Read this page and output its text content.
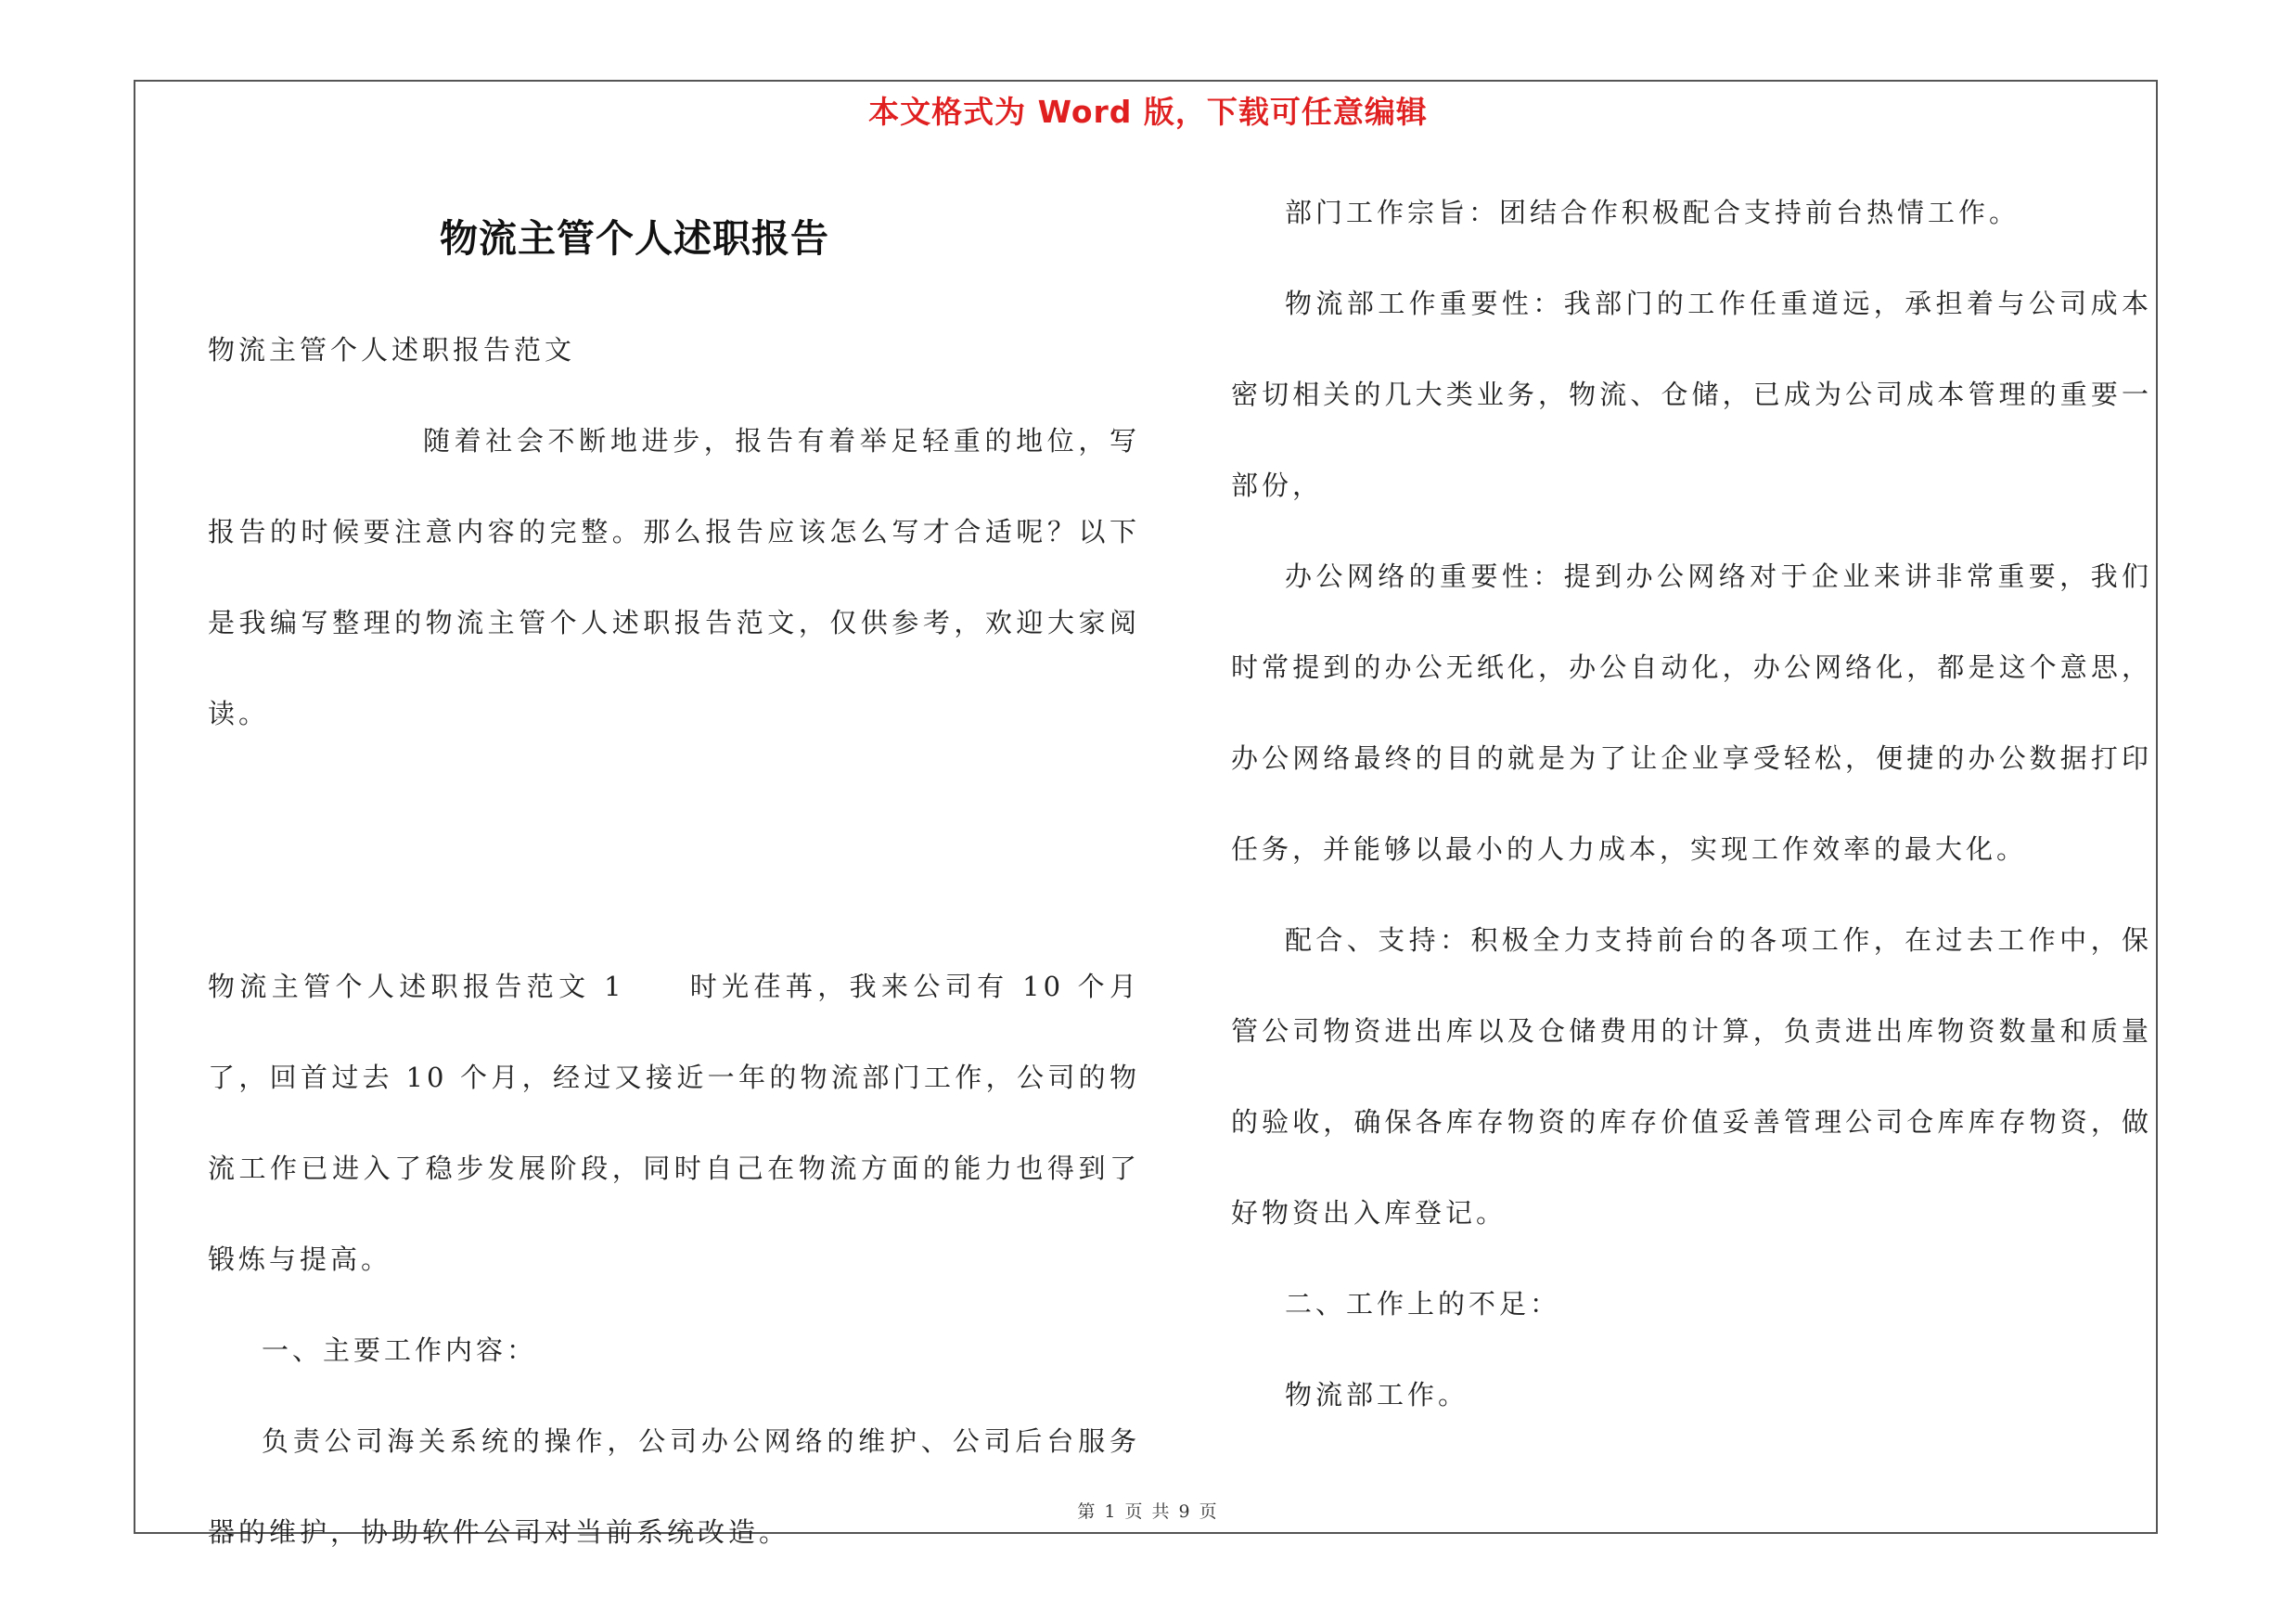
本文格式为 Word 版，下载可任意编辑
物流主管个人述职报告

物流主管个人述职报告范文

随着社会不断地进步，报告有着举足轻重的地位，写报告的时候要注意内容的完整。那么报告应该怎么写才合适呢？以下是我编写整理的物流主管个人述职报告范文，仅供参考，欢迎大家阅读。

物流主管个人述职报告范文 1　　时光荏苒，我来公司有 10 个月了，回首过去 10 个月，经过又接近一年的物流部门工作，公司的物流工作已进入了稳步发展阶段，同时自己在物流方面的能力也得到了锻炼与提高。

一、主要工作内容：

负责公司海关系统的操作，公司办公网络的维护、公司后台服务器的维护，协助软件公司对当前系统改造。

部门工作宗旨：团结合作积极配合支持前台热情工作。

物流部工作重要性：我部门的工作任重道远，承担着与公司成本密切相关的几大类业务，物流、仓储，已成为公司成本管理的重要一部份，

办公网络的重要性：提到办公网络对于企业来讲非常重要，我们时常提到的办公无纸化，办公自动化，办公网络化，都是这个意思，办公网络最终的目的就是为了让企业享受轻松，便捷的办公数据打印任务，并能够以最小的人力成本，实现工作效率的最大化。

配合、支持：积极全力支持前台的各项工作，在过去工作中，保管公司物资进出库以及仓储费用的计算，负责进出库物资数量和质量的验收，确保各库存物资的库存价值妥善管理公司仓库库存物资，做好物资出入库登记。

二、工作上的不足：

物流部工作。

第 1 页 共 9 页
